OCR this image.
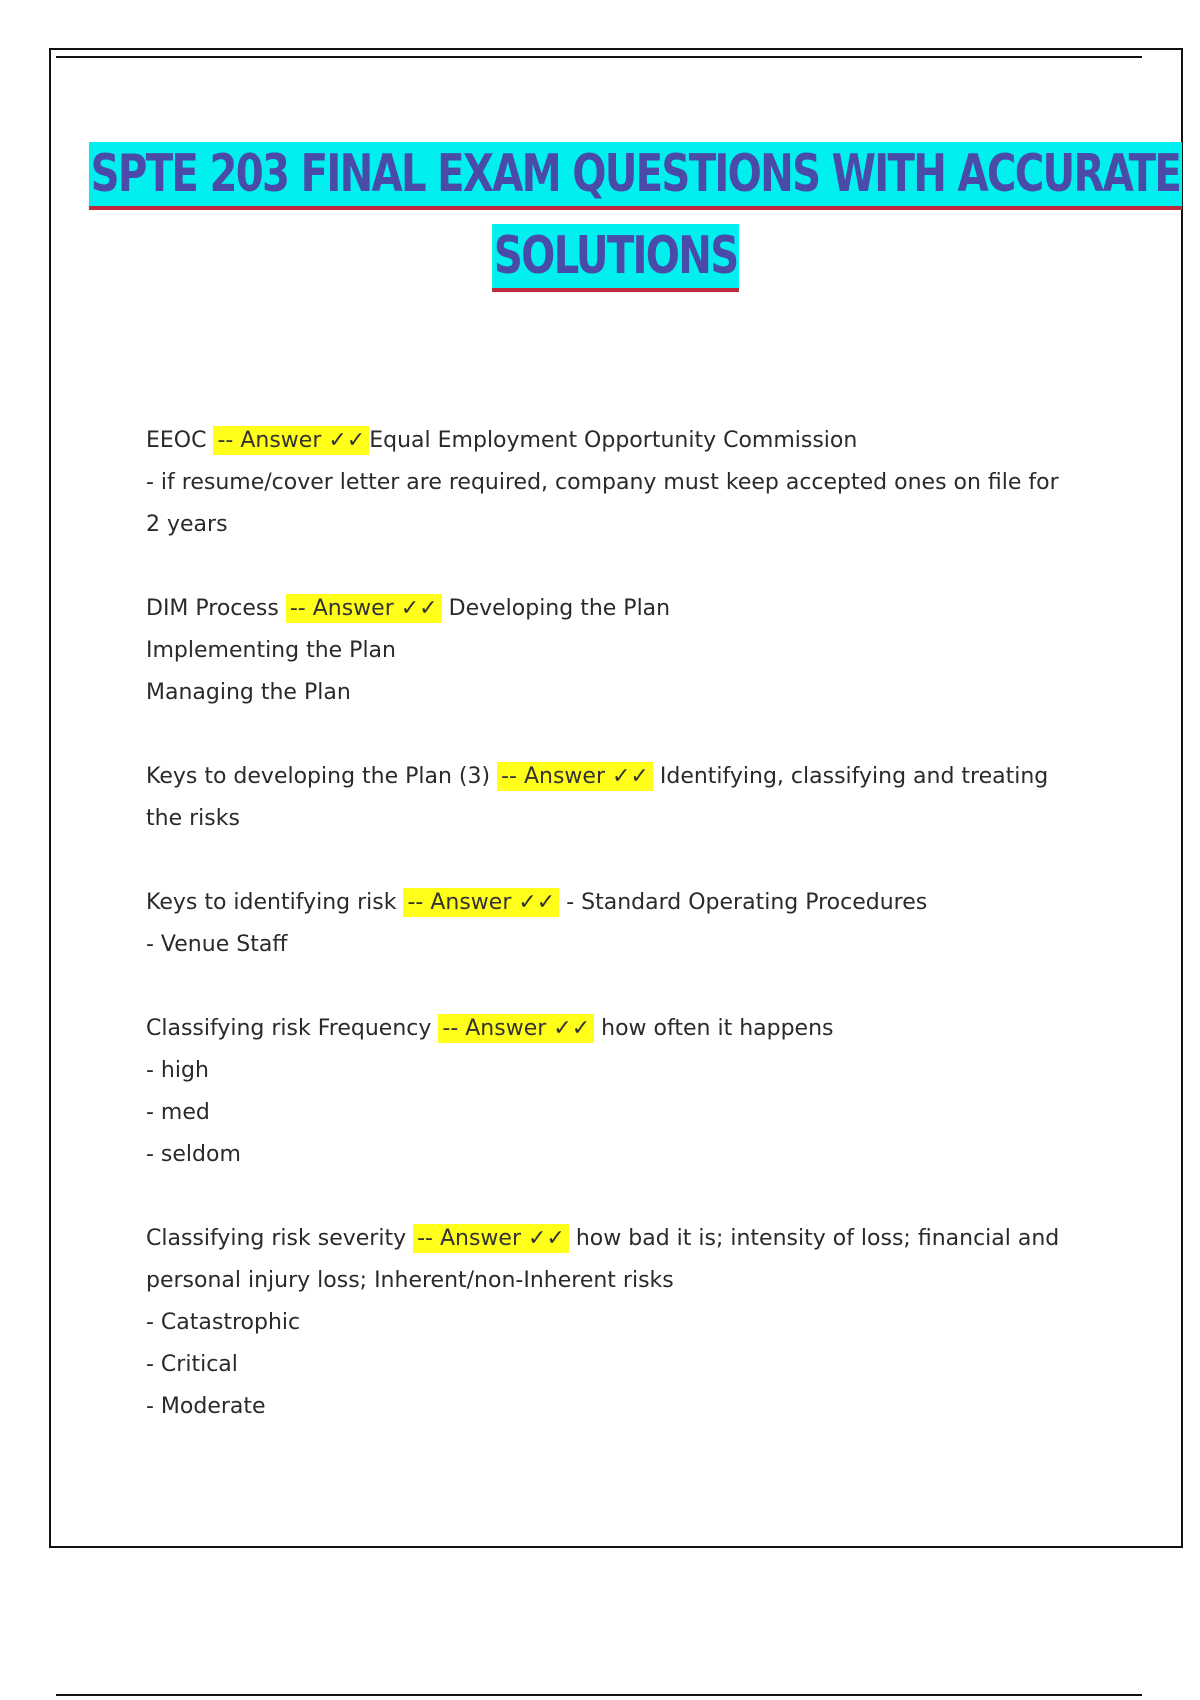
SPTE 203 FINAL EXAM QUESTIONS WITH ACCURATE
SOLUTIONS
EEOC -- Answer ✓✓ Equal Employment Opportunity Commission
- if resume/cover letter are required, company must keep accepted ones on file for 2 years
DIM Process -- Answer ✓✓ Developing the Plan
Implementing the Plan
Managing the Plan
Keys to developing the Plan (3) -- Answer ✓✓ Identifying, classifying and treating the risks
Keys to identifying risk -- Answer ✓✓ - Standard Operating Procedures
- Venue Staff
Classifying risk Frequency -- Answer ✓✓ how often it happens
- high
- med
- seldom
Classifying risk severity -- Answer ✓✓ how bad it is; intensity of loss; financial and personal injury loss; Inherent/non-Inherent risks
- Catastrophic
- Critical
- Moderate
